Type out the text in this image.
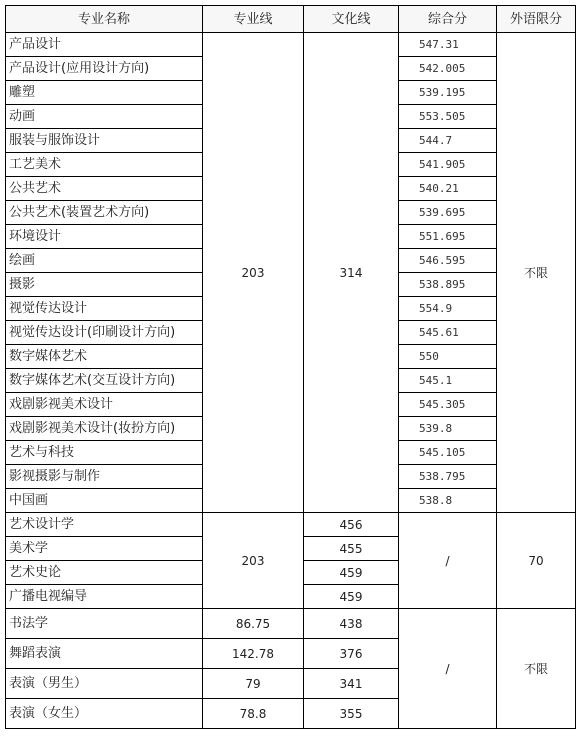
专业名称	专业线	文化线	综合分	外语限分
产品设计	203	314	547.31	不限
产品设计(应用设计方向)			542.005	
雕塑			539.195	
动画			553.505	
服装与服饰设计			544.7	
工艺美术			541.905	
公共艺术			540.21	
公共艺术(装置艺术方向)			539.695	
环境设计			551.695	
绘画			546.595	
摄影			538.895	
视觉传达设计			554.9	
视觉传达设计(印刷设计方向)			545.61	
数字媒体艺术			550	
数字媒体艺术(交互设计方向)			545.1	
戏剧影视美术设计			545.305	
戏剧影视美术设计(妆扮方向)			539.8	
艺术与科技			545.105	
影视摄影与制作			538.795	
中国画			538.8	
艺术设计学	203	456	/	70
美术学		455		
艺术史论		459		
广播电视编导		459		
书法学	86.75	438	/	不限
舞蹈表演	142.78	376		
表演（男生）	79	341		
表演（女生）	78.8	355		
